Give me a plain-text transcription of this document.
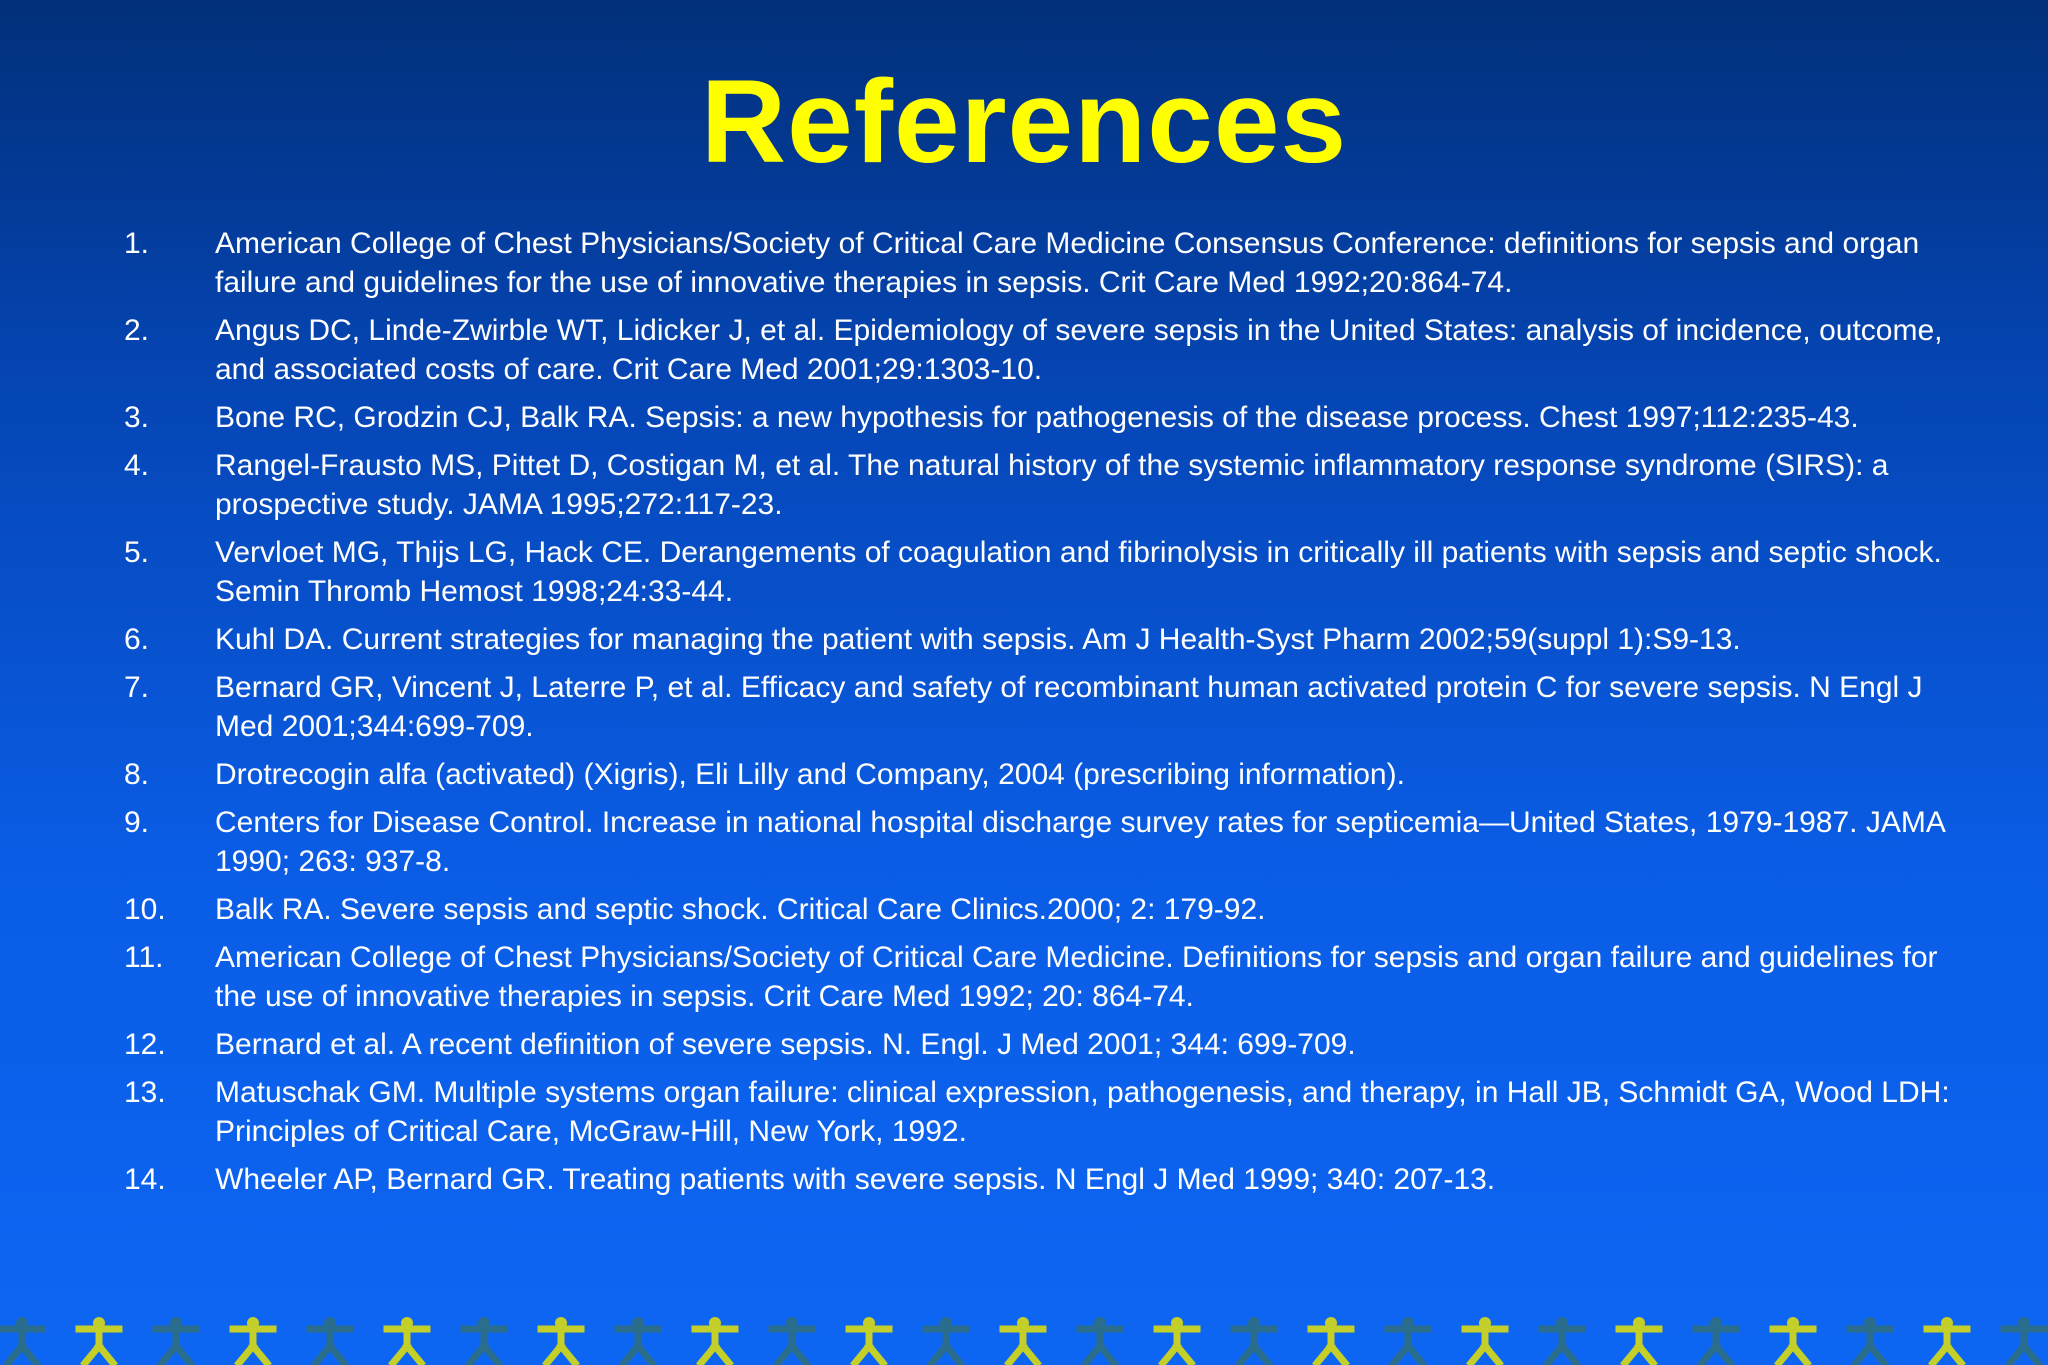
References
1.	American College of Chest Physicians/Society of Critical Care Medicine Consensus Conference: definitions for sepsis and organ failure and guidelines for the use of innovative therapies in sepsis. Crit Care Med 1992;20:864-74.
2.	Angus DC, Linde-Zwirble WT, Lidicker J, et al. Epidemiology of severe sepsis in the United States: analysis of incidence, outcome, and associated costs of care. Crit Care Med 2001;29:1303-10.
3.	Bone RC, Grodzin CJ, Balk RA. Sepsis: a new hypothesis for pathogenesis of the disease process. Chest 1997;112:235-43.
4.	Rangel-Frausto MS, Pittet D, Costigan M, et al. The natural history of the systemic inflammatory response syndrome (SIRS): a prospective study. JAMA 1995;272:117-23.
5.	Vervloet MG, Thijs LG, Hack CE. Derangements of coagulation and fibrinolysis in critically ill patients with sepsis and septic shock. Semin Thromb Hemost 1998;24:33-44.
6.	Kuhl DA. Current strategies for managing the patient with sepsis. Am J Health-Syst Pharm 2002;59(suppl 1):S9-13.
7.	Bernard GR, Vincent J, Laterre P, et al. Efficacy and safety of recombinant human activated protein C for severe sepsis. N Engl J Med 2001;344:699-709.
8.	Drotrecogin alfa (activated) (Xigris), Eli Lilly and Company, 2004 (prescribing information).
9.	Centers for Disease Control. Increase in national hospital discharge survey rates for septicemia—United States, 1979-1987. JAMA 1990; 263: 937-8.
10.	Balk RA. Severe sepsis and septic shock. Critical Care Clinics.2000; 2: 179-92.
11.	American College of Chest Physicians/Society of Critical Care Medicine. Definitions for sepsis and organ failure and guidelines for the use of innovative therapies in sepsis. Crit Care Med 1992; 20: 864-74.
12.	Bernard et al. A recent definition of severe sepsis. N. Engl. J Med 2001; 344: 699-709.
13.	Matuschak GM. Multiple systems organ failure: clinical expression, pathogenesis, and therapy, in Hall JB, Schmidt GA, Wood LDH: Principles of Critical Care, McGraw-Hill, New York, 1992.
14.	Wheeler AP, Bernard GR. Treating patients with severe sepsis. N Engl J Med 1999; 340: 207-13.
